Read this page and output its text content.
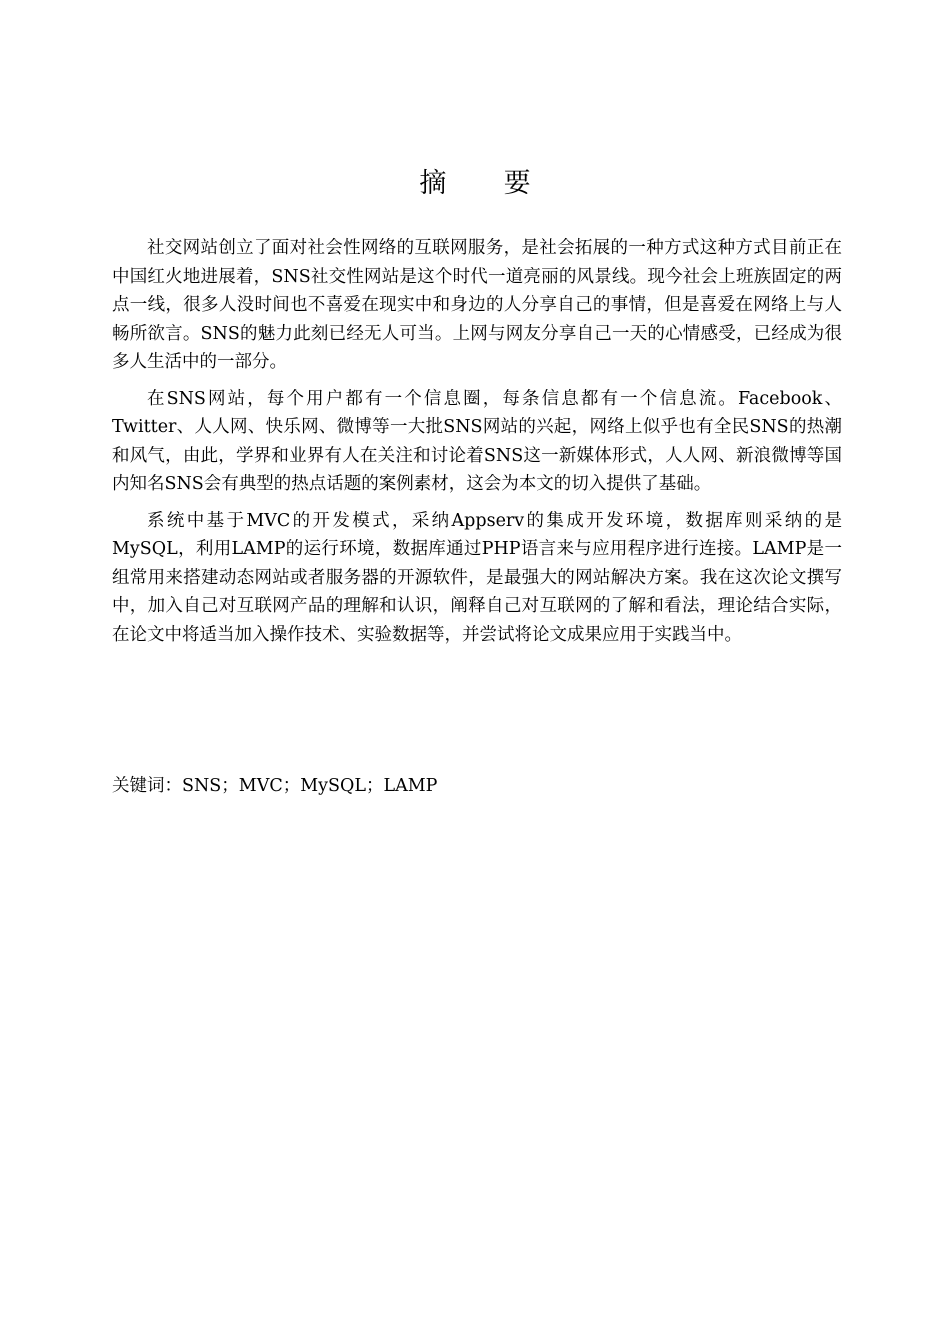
摘 要

社交网站创立了面对社会性网络的互联网服务，是社会拓展的一种方式这种方式目前正在中国红火地进展着，SNS社交性网站是这个时代一道亮丽的风景线。现今社会上班族固定的两点一线，很多人没时间也不喜爱在现实中和身边的人分享自己的事情，但是喜爱在网络上与人畅所欲言。SNS的魅力此刻已经无人可当。上网与网友分享自己一天的心情感受，已经成为很多人生活中的一部分。

在SNS网站，每个用户都有一个信息圈，每条信息都有一个信息流。Facebook、Twitter、人人网、快乐网、微博等一大批SNS网站的兴起，网络上似乎也有全民SNS的热潮和风气，由此，学界和业界有人在关注和讨论着SNS这一新媒体形式，人人网、新浪微博等国内知名SNS会有典型的热点话题的案例素材，这会为本文的切入提供了基础。

系统中基于MVC的开发模式，采纳Appserv的集成开发环境，数据库则采纳的是MySQL，利用LAMP的运行环境，数据库通过PHP语言来与应用程序进行连接。LAMP是一组常用来搭建动态网站或者服务器的开源软件，是最强大的网站解决方案。我在这次论文撰写中，加入自己对互联网产品的理解和认识，阐释自己对互联网的了解和看法，理论结合实际，在论文中将适当加入操作技术、实验数据等，并尝试将论文成果应用于实践当中。

关键词：SNS；MVC；MySQL；LAMP
